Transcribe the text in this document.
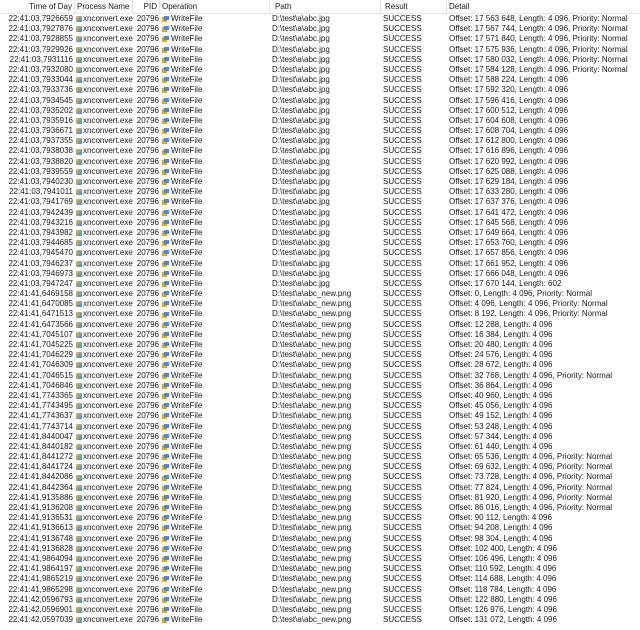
Time of Day Process Name	PID Operation	Path	Result	Detail
22:41:03,7926659 xnconvert.exe 20796 WriteFile	D:\test\a\abc.jpg	SUCCESS	Offset: 17 563 648, Length: 4 096, Priority: Normal
22:41:03,7927876 xnconvert.exe 20796 WriteFile	D:\test\a\abc.jpg	SUCCESS	Offset: 17 567 744, Length: 4 096, Priority: Normal
22:41:03,7928855 xnconvert.exe 20796 WriteFile	D:\test\a\abc.jpg	SUCCESS	Offset: 17 571 840, Length: 4 096, Priority: Normal
22:41:03,7929926 xnconvert.exe 20796 WriteFile	D:\test\a\abc.jpg	SUCCESS	Offset: 17 575 936, Length: 4 096, Priority: Normal
22:41:03,7931116 xnconvert.exe 20796 WriteFile	D:\test\a\abc.jpg	SUCCESS	Offset: 17 580 032, Length: 4 096, Priority: Normal
22:41:03,7932080 xnconvert.exe 20796 WriteFile	D:\test\a\abc.jpg	SUCCESS	Offset: 17 584 128, Length: 4 096, Priority: Normal
22:41:03,7933044 xnconvert.exe 20796 WriteFile	D:\test\a\abc.jpg	SUCCESS	Offset: 17 588 224, Length: 4 096
22:41:03,7933736 xnconvert.exe 20796 WriteFile	D:\test\a\abc.jpg	SUCCESS	Offset: 17 592 320, Length: 4 096
22:41:03,7934545 xnconvert.exe 20796 WriteFile	D:\test\a\abc.jpg	SUCCESS	Offset: 17 596 416, Length: 4 096
22:41:03,7935202 xnconvert.exe 20796 WriteFile	D:\test\a\abc.jpg	SUCCESS	Offset: 17 600 512, Length: 4 096
22:41:03,7935916 xnconvert.exe 20796 WriteFile	D:\test\a\abc.jpg	SUCCESS	Offset: 17 604 608, Length: 4 096
22:41:03,7936671 xnconvert.exe 20796 WriteFile	D:\test\a\abc.jpg	SUCCESS	Offset: 17 608 704, Length: 4 096
22:41:03,7937355 xnconvert.exe 20796 WriteFile	D:\test\a\abc.jpg	SUCCESS	Offset: 17 612 800, Length: 4 096
22:41:03,7938038 xnconvert.exe 20796 WriteFile	D:\test\a\abc.jpg	SUCCESS	Offset: 17 616 896, Length: 4 096
22:41:03,7938820 xnconvert.exe 20796 WriteFile	D:\test\a\abc.jpg	SUCCESS	Offset: 17 620 992, Length: 4 096
22:41:03,7939559 xnconvert.exe 20796 WriteFile	D:\test\a\abc.jpg	SUCCESS	Offset: 17 625 088, Length: 4 096
22:41:03,7940230 xnconvert.exe 20796 WriteFile	D:\test\a\abc.jpg	SUCCESS	Offset: 17 629 184, Length: 4 096
22:41:03,7941011 xnconvert.exe 20796 WriteFile	D:\test\a\abc.jpg	SUCCESS	Offset: 17 633 280, Length: 4 096
22:41:03,7941769 xnconvert.exe 20796 WriteFile	D:\test\a\abc.jpg	SUCCESS	Offset: 17 637 376, Length: 4 096
22:41:03,7942439 xnconvert.exe 20796 WriteFile	D:\test\a\abc.jpg	SUCCESS	Offset: 17 641 472, Length: 4 096
22:41:03,7943216 xnconvert.exe 20796 WriteFile	D:\test\a\abc.jpg	SUCCESS	Offset: 17 645 568, Length: 4 096
22:41:03,7943982 xnconvert.exe 20796 WriteFile	D:\test\a\abc.jpg	SUCCESS	Offset: 17 649 664, Length: 4 096
22:41:03,7944685 xnconvert.exe 20796 WriteFile	D:\test\a\abc.jpg	SUCCESS	Offset: 17 653 760, Length: 4 096
22:41:03,7945470 xnconvert.exe 20796 WriteFile	D:\test\a\abc.jpg	SUCCESS	Offset: 17 657 856, Length: 4 096
22:41:03,7946237 xnconvert.exe 20796 WriteFile	D:\test\a\abc.jpg	SUCCESS	Offset: 17 661 952, Length: 4 096
22:41:03,7946973 xnconvert.exe 20796 WriteFile	D:\test\a\abc.jpg	SUCCESS	Offset: 17 666 048, Length: 4 096
22:41:03,7947247 xnconvert.exe 20796 WriteFile	D:\test\a\abc.jpg	SUCCESS	Offset: 17 670 144, Length: 602
22:41:41,6469158 xnconvert.exe 20796 WriteFile	D:\test\a\abc_new.png	SUCCESS	Offset: 0, Length: 4 096, Priority: Normal
22:41:41,6470085 xnconvert.exe 20796 WriteFile	D:\test\a\abc_new.png	SUCCESS	Offset: 4 096, Length: 4 096, Priority: Normal
22:41:41,6471513 xnconvert.exe 20796 WriteFile	D:\test\a\abc_new.png	SUCCESS	Offset: 8 192, Length: 4 096, Priority: Normal
22:41:41,6473566 xnconvert.exe 20796 WriteFile	D:\test\a\abc_new.png	SUCCESS	Offset: 12 288, Length: 4 096
22:41:41,7045107 xnconvert.exe 20796 WriteFile	D:\test\a\abc_new.png	SUCCESS	Offset: 16 384, Length: 4 096
22:41:41,7045225 xnconvert.exe 20796 WriteFile	D:\test\a\abc_new.png	SUCCESS	Offset: 20 480, Length: 4 096
22:41:41,7046229 xnconvert.exe 20796 WriteFile	D:\test\a\abc_new.png	SUCCESS	Offset: 24 576, Length: 4 096
22:41:41,7046309 xnconvert.exe 20796 WriteFile	D:\test\a\abc_new.png	SUCCESS	Offset: 28 672, Length: 4 096
22:41:41,7046515 xnconvert.exe 20796 WriteFile	D:\test\a\abc_new.png	SUCCESS	Offset: 32 768, Length: 4 096, Priority: Normal
22:41:41,7046846 xnconvert.exe 20796 WriteFile	D:\test\a\abc_new.png	SUCCESS	Offset: 36 864, Length: 4 096
22:41:41,7743365 xnconvert.exe 20796 WriteFile	D:\test\a\abc_new.png	SUCCESS	Offset: 40 960, Length: 4 096
22:41:41,7743495 xnconvert.exe 20796 WriteFile	D:\test\a\abc_new.png	SUCCESS	Offset: 45 056, Length: 4 096
22:41:41,7743637 xnconvert.exe 20796 WriteFile	D:\test\a\abc_new.png	SUCCESS	Offset: 49 152, Length: 4 096
22:41:41,7743714 xnconvert.exe 20796 WriteFile	D:\test\a\abc_new.png	SUCCESS	Offset: 53 248, Length: 4 096
22:41:41,8440047 xnconvert.exe 20796 WriteFile	D:\test\a\abc_new.png	SUCCESS	Offset: 57 344, Length: 4 096
22:41:41,8440182 xnconvert.exe 20796 WriteFile	D:\test\a\abc_new.png	SUCCESS	Offset: 61 440, Length: 4 096
22:41:41,8441272 xnconvert.exe 20796 WriteFile	D:\test\a\abc_new.png	SUCCESS	Offset: 65 536, Length: 4 096, Priority: Normal
22:41:41,8441724 xnconvert.exe 20796 WriteFile	D:\test\a\abc_new.png	SUCCESS	Offset: 69 632, Length: 4 096, Priority: Normal
22:41:41,8442086 xnconvert.exe 20796 WriteFile	D:\test\a\abc_new.png	SUCCESS	Offset: 73 728, Length: 4 096, Priority: Normal
22:41:41,8442364 xnconvert.exe 20796 WriteFile	D:\test\a\abc_new.png	SUCCESS	Offset: 77 824, Length: 4 096, Priority: Normal
22:41:41,9135886 xnconvert.exe 20796 WriteFile	D:\test\a\abc_new.png	SUCCESS	Offset: 81 920, Length: 4 096, Priority: Normal
22:41:41,9136208 xnconvert.exe 20796 WriteFile	D:\test\a\abc_new.png	SUCCESS	Offset: 86 016, Length: 4 096, Priority: Normal
22:41:41,9136531 xnconvert.exe 20796 WriteFile	D:\test\a\abc_new.png	SUCCESS	Offset: 90 112, Length: 4 096
22:41:41,9136613 xnconvert.exe 20796 WriteFile	D:\test\a\abc_new.png	SUCCESS	Offset: 94 208, Length: 4 096
22:41:41,9136748 xnconvert.exe 20796 WriteFile	D:\test\a\abc_new.png	SUCCESS	Offset: 98 304, Length: 4 096
22:41:41,9136828 xnconvert.exe 20796 WriteFile	D:\test\a\abc_new.png	SUCCESS	Offset: 102 400, Length: 4 096
22:41:41,9864094 xnconvert.exe 20796 WriteFile	D:\test\a\abc_new.png	SUCCESS	Offset: 106 496, Length: 4 096
22:41:41,9864197 xnconvert.exe 20796 WriteFile	D:\test\a\abc_new.png	SUCCESS	Offset: 110 592, Length: 4 096
22:41:41,9865219 xnconvert.exe 20796 WriteFile	D:\test\a\abc_new.png	SUCCESS	Offset: 114 688, Length: 4 096
22:41:41,9865298 xnconvert.exe 20796 WriteFile	D:\test\a\abc_new.png	SUCCESS	Offset: 118 784, Length: 4 096
22:41:42,0596793 xnconvert.exe 20796 WriteFile	D:\test\a\abc_new.png	SUCCESS	Offset: 122 880, Length: 4 096
22:41:42,0596901 xnconvert.exe 20796 WriteFile	D:\test\a\abc_new.png	SUCCESS	Offset: 126 976, Length: 4 096
22:41:42,0597039 xnconvert.exe 20796 WriteFile	D:\test\a\abc_new.png	SUCCESS	Offset: 131 072, Length: 4 096
